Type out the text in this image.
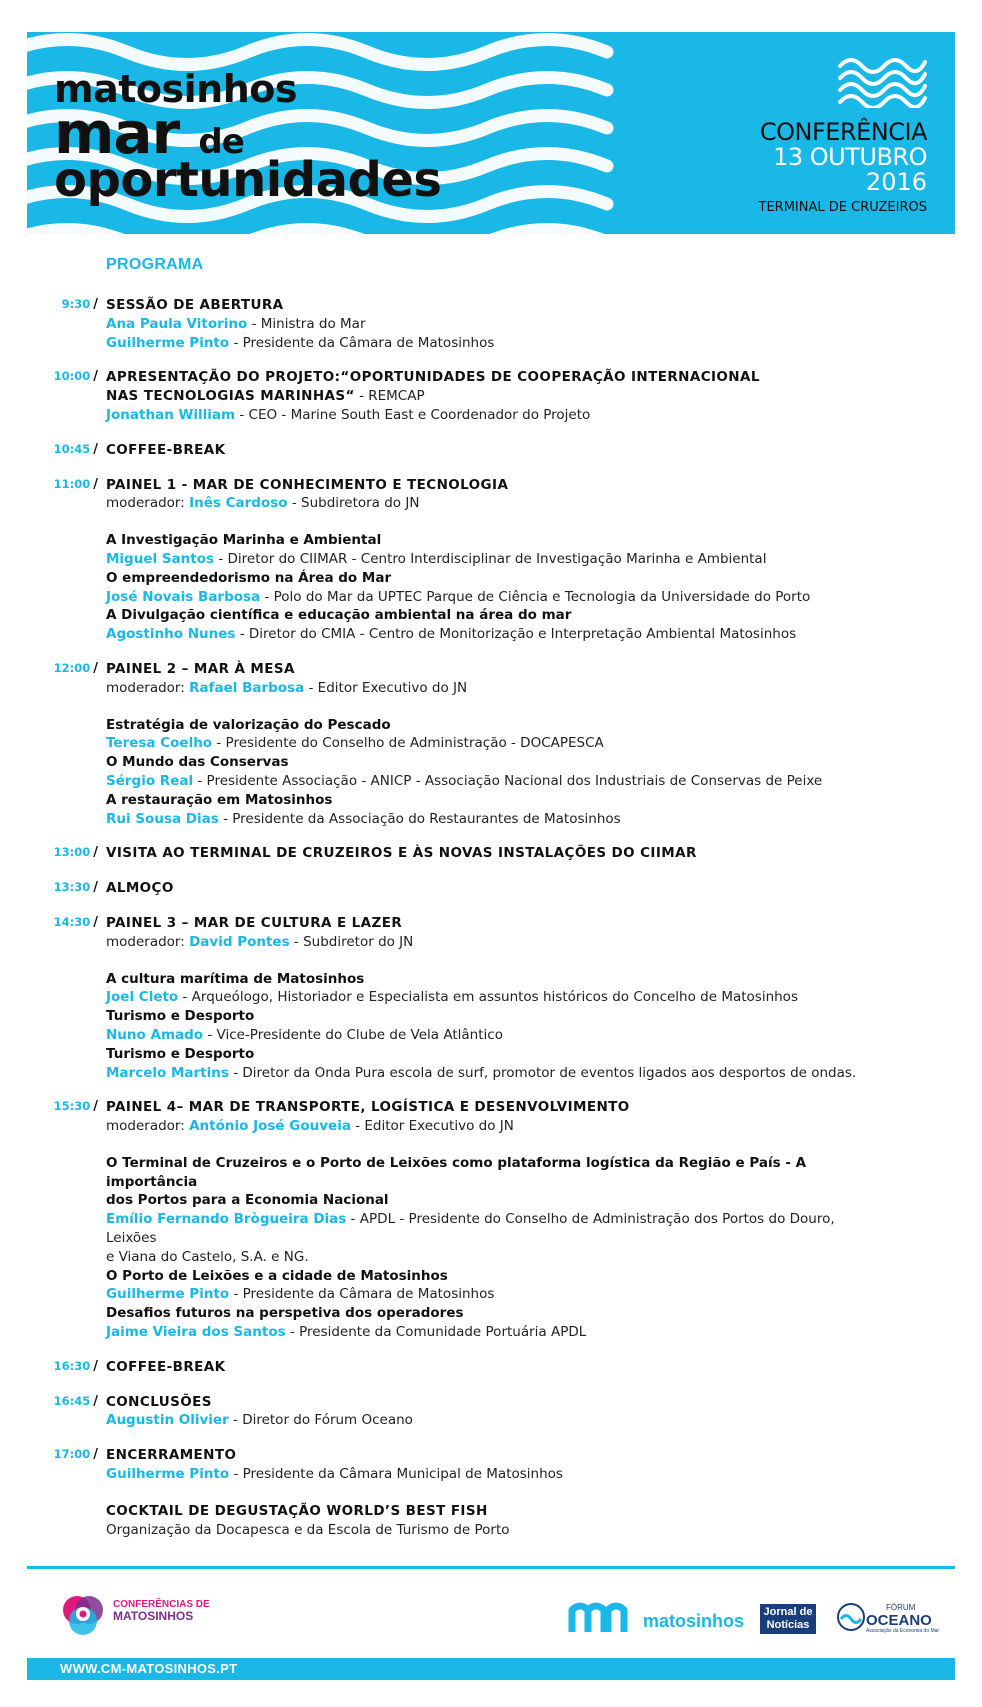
matosinhos
mar de
oportunidades
CONFERÊNCIA
13 OUTUBRO
2016
TERMINAL DE CRUZEIROS
PROGRAMA
9:30 / SESSÃO DE ABERTURA
Ana Paula Vitorino - Ministra do Mar
Guilherme Pinto - Presidente da Câmara de Matosinhos
10:00 / APRESENTAÇÃO DO PROJETO:“OPORTUNIDADES DE COOPERAÇÃO INTERNACIONAL
NAS TECNOLOGIAS MARINHAS“ - REMCAP
Jonathan William - CEO - Marine South East e Coordenador do Projeto
10:45 / COFFEE-BREAK
11:00 / PAINEL 1 - MAR DE CONHECIMENTO E TECNOLOGIA
moderador: Inês Cardoso - Subdiretora do JN
A Investigação Marinha e Ambiental
Miguel Santos - Diretor do CIIMAR - Centro Interdisciplinar de Investigação Marinha e Ambiental
O empreendedorismo na Área do Mar
José Novais Barbosa - Polo do Mar da UPTEC Parque de Ciência e Tecnologia da Universidade do Porto
A Divulgação científica e educação ambiental na área do mar
Agostinho Nunes - Diretor do CMIA - Centro de Monitorização e Interpretação Ambiental Matosinhos
12:00 / PAINEL 2 – MAR À MESA
moderador: Rafael Barbosa - Editor Executivo do JN
Estratégia de valorização do Pescado
Teresa Coelho - Presidente do Conselho de Administração - DOCAPESCA
O Mundo das Conservas
Sérgio Real - Presidente Associação - ANICP - Associação Nacional dos Industriais de Conservas de Peixe
A restauração em Matosinhos
Rui Sousa Dias - Presidente da Associação do Restaurantes de Matosinhos
13:00 / VISITA AO TERMINAL DE CRUZEIROS E ÀS NOVAS INSTALAÇÕES DO CIIMAR
13:30 / ALMOÇO
14:30 / PAINEL 3 – MAR DE CULTURA E LAZER
moderador: David Pontes - Subdiretor do JN
A cultura marítima de Matosinhos
Joel Cleto - Arqueólogo, Historiador e Especialista em assuntos históricos do Concelho de Matosinhos
Turismo e Desporto
Nuno Amado - Vice-Presidente do Clube de Vela Atlântico
Turismo e Desporto
Marcelo Martins - Diretor da Onda Pura escola de surf, promotor de eventos ligados aos desportos de ondas.
15:30 / PAINEL 4– MAR DE TRANSPORTE, LOGÍSTICA E DESENVOLVIMENTO
moderador: António José Gouveia - Editor Executivo do JN
O Terminal de Cruzeiros e o Porto de Leixões como plataforma logística da Região e País - A importância
dos Portos para a Economia Nacional
Emílio Fernando Brògueira Dias - APDL - Presidente do Conselho de Administração dos Portos do Douro, Leixões
e Viana do Castelo, S.A. e NG.
O Porto de Leixões e a cidade de Matosinhos
Guilherme Pinto - Presidente da Câmara de Matosinhos
Desafios futuros na perspetiva dos operadores
Jaime Vieira dos Santos - Presidente da Comunidade Portuária APDL
16:30 / COFFEE-BREAK
16:45 / CONCLUSÕES
Augustin Olivier - Diretor do Fórum Oceano
17:00 / ENCERRAMENTO
Guilherme Pinto - Presidente da Câmara Municipal de Matosinhos
COCKTAIL DE DEGUSTAÇÃO WORLD’S BEST FISH
Organização da Docapesca e da Escola de Turismo de Porto
CONFERÊNCIAS DE
MATOSINHOS	matosinhos	Jornal de
Notícias
FÓRUM
OCEANO
Associação da Economia do Mar
WWW.CM-MATOSINHOS.PT
